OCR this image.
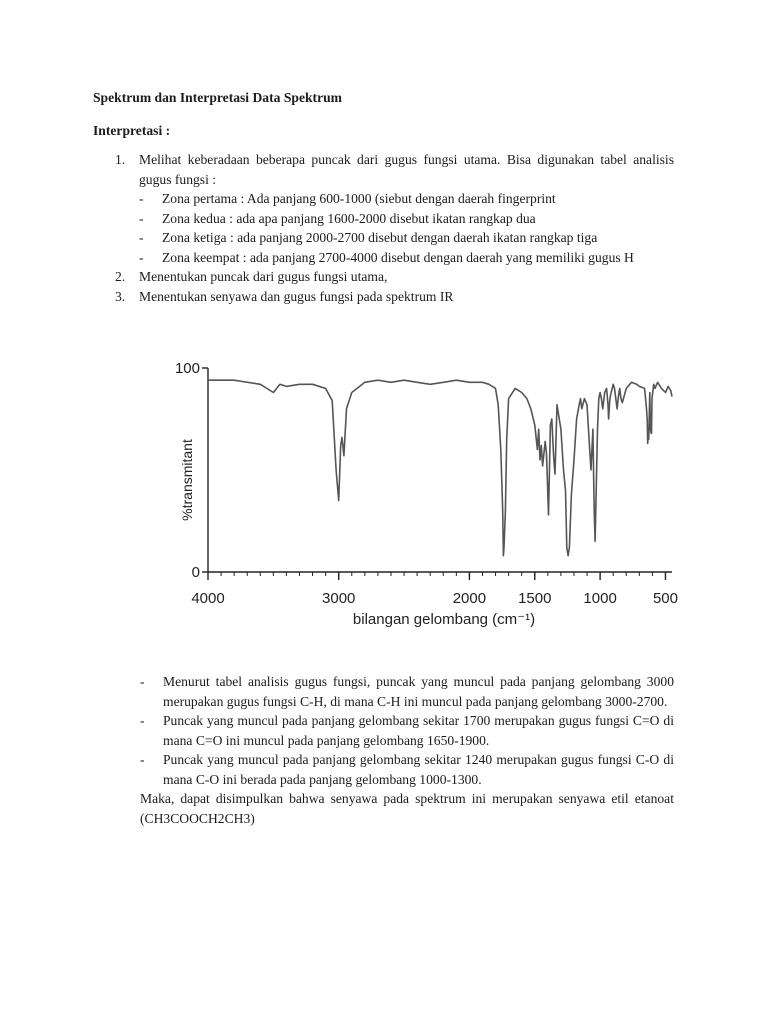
Spektrum dan Interpretasi Data Spektrum
Interpretasi :
1. Melihat keberadaan beberapa puncak dari gugus fungsi utama. Bisa digunakan tabel analisis gugus fungsi :
- Zona pertama : Ada panjang 600-1000 (siebut dengan daerah fingerprint
- Zona kedua : ada apa panjang 1600-2000 disebut ikatan rangkap dua
- Zona ketiga : ada panjang 2000-2700 disebut dengan daerah ikatan rangkap tiga
- Zona keempat : ada panjang 2700-4000 disebut dengan daerah yang memiliki gugus H
2. Menentukan puncak dari gugus fungsi utama,
3. Menentukan senyawa dan gugus fungsi pada spektrum IR
4000	3000	2000 1500 1000 500
0
100
%transmitant
bilangan gelombang (cm⁻¹)
- Menurut tabel analisis gugus fungsi, puncak yang muncul pada panjang gelombang 3000 merupakan gugus fungsi C-H, di mana C-H ini muncul pada panjang gelombang 3000-2700.
- Puncak yang muncul pada panjang gelombang sekitar 1700 merupakan gugus fungsi C=O di mana C=O ini muncul pada panjang gelombang 1650-1900.
- Puncak yang muncul pada panjang gelombang sekitar 1240 merupakan gugus fungsi C-O di mana C-O ini berada pada panjang gelombang 1000-1300.
Maka, dapat disimpulkan bahwa senyawa pada spektrum ini merupakan senyawa etil etanoat (CH3COOCH2CH3)
